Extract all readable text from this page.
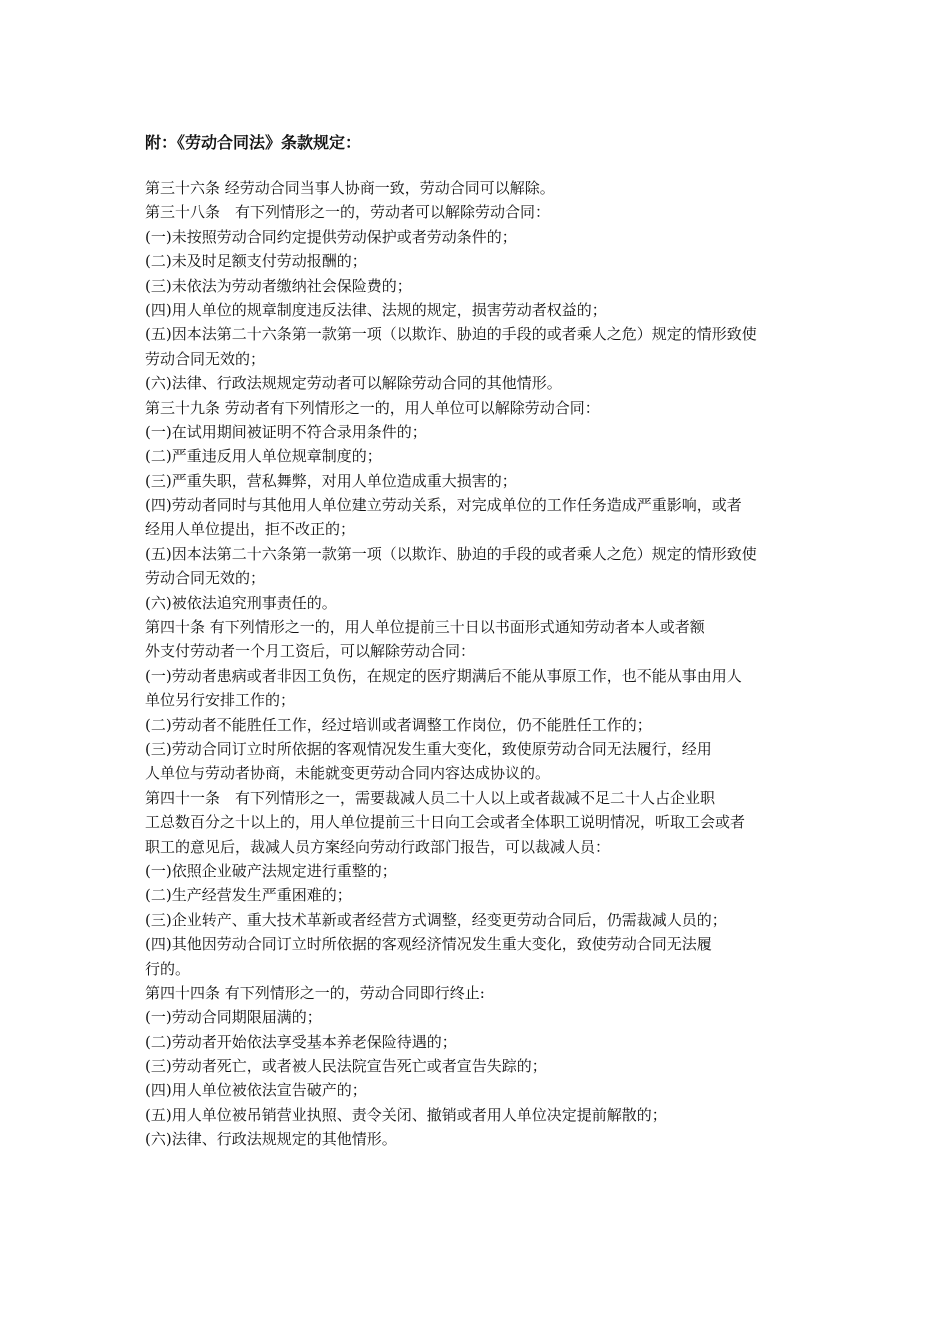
附：《劳动合同法》条款规定：
第三十六条 经劳动合同当事人协商一致，劳动合同可以解除。
第三十八条　有下列情形之一的，劳动者可以解除劳动合同：
(一)未按照劳动合同约定提供劳动保护或者劳动条件的；
(二)未及时足额支付劳动报酬的；
(三)未依法为劳动者缴纳社会保险费的；
(四)用人单位的规章制度违反法律、法规的规定，损害劳动者权益的；
(五)因本法第二十六条第一款第一项（以欺诈、胁迫的手段的或者乘人之危）规定的情形致使
劳动合同无效的；
(六)法律、行政法规规定劳动者可以解除劳动合同的其他情形。
第三十九条 劳动者有下列情形之一的，用人单位可以解除劳动合同：
(一)在试用期间被证明不符合录用条件的；
(二)严重违反用人单位规章制度的；
(三)严重失职，营私舞弊，对用人单位造成重大损害的；
(四)劳动者同时与其他用人单位建立劳动关系，对完成单位的工作任务造成严重影响，或者
经用人单位提出，拒不改正的；
(五)因本法第二十六条第一款第一项（以欺诈、胁迫的手段的或者乘人之危）规定的情形致使
劳动合同无效的；
(六)被依法追究刑事责任的。
第四十条 有下列情形之一的，用人单位提前三十日以书面形式通知劳动者本人或者额
外支付劳动者一个月工资后，可以解除劳动合同：
(一)劳动者患病或者非因工负伤，在规定的医疗期满后不能从事原工作，也不能从事由用人
单位另行安排工作的；
(二)劳动者不能胜任工作，经过培训或者调整工作岗位，仍不能胜任工作的；
(三)劳动合同订立时所依据的客观情况发生重大变化，致使原劳动合同无法履行，经用
人单位与劳动者协商，未能就变更劳动合同内容达成协议的。
第四十一条　有下列情形之一，需要裁减人员二十人以上或者裁减不足二十人占企业职
工总数百分之十以上的，用人单位提前三十日向工会或者全体职工说明情况，听取工会或者
职工的意见后，裁减人员方案经向劳动行政部门报告，可以裁减人员：
(一)依照企业破产法规定进行重整的；
(二)生产经营发生严重困难的；
(三)企业转产、重大技术革新或者经营方式调整，经变更劳动合同后，仍需裁减人员的；
(四)其他因劳动合同订立时所依据的客观经济情况发生重大变化，致使劳动合同无法履
行的。
第四十四条 有下列情形之一的，劳动合同即行终止:
(一)劳动合同期限届满的；
(二)劳动者开始依法享受基本养老保险待遇的；
(三)劳动者死亡，或者被人民法院宣告死亡或者宣告失踪的；
(四)用人单位被依法宣告破产的；
(五)用人单位被吊销营业执照、责令关闭、撤销或者用人单位决定提前解散的；
(六)法律、行政法规规定的其他情形。
